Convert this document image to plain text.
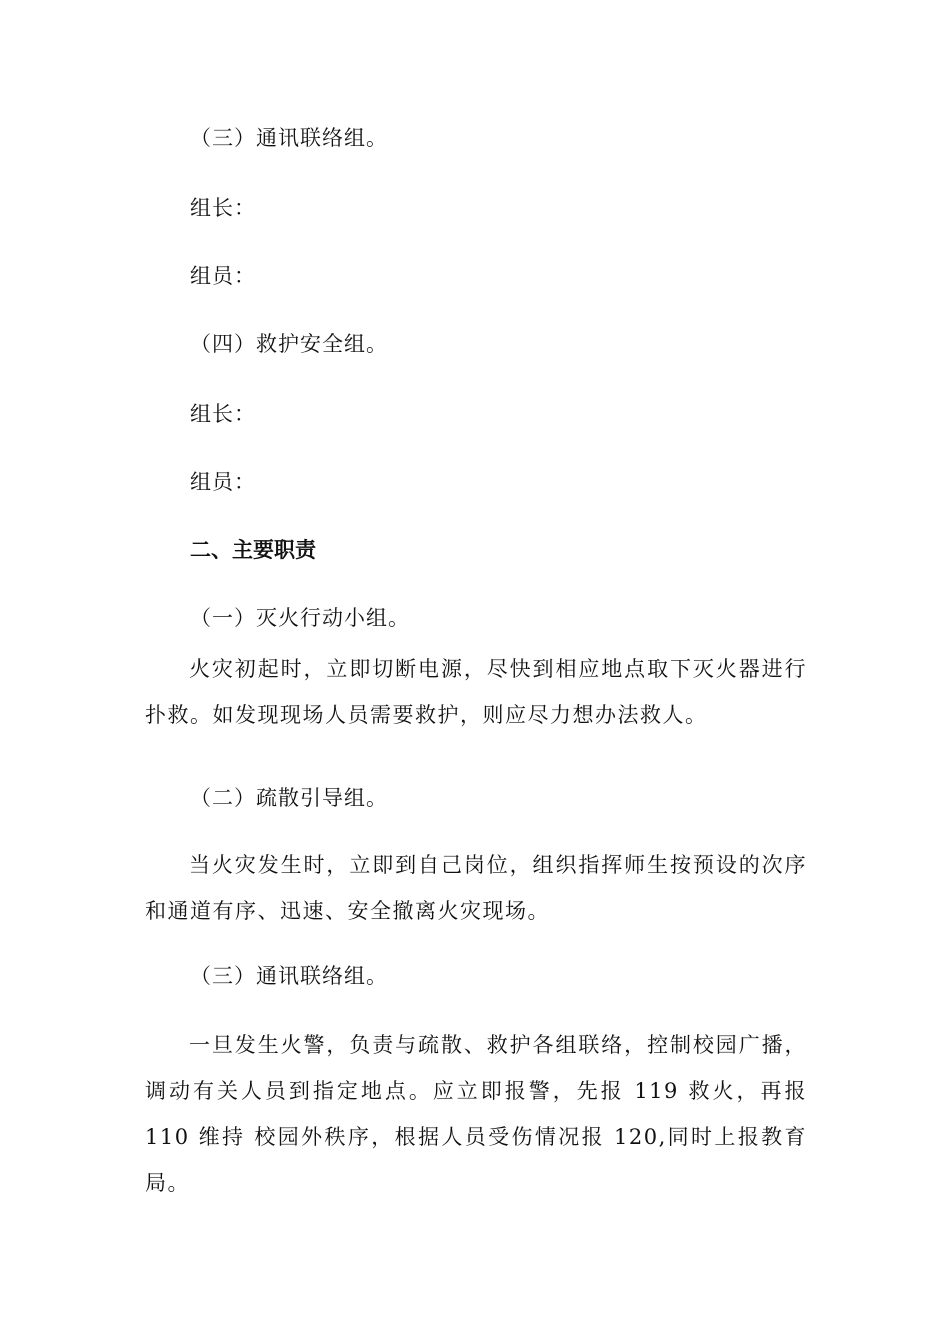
（三）通讯联络组。
组长：
组员：
（四）救护安全组。
组长：
组员：
二、主要职责
（一）灭火行动小组。
火灾初起时，立即切断电源，尽快到相应地点取下灭火器进行扑救。如发现现场人员需要救护，则应尽力想办法救人。
（二）疏散引导组。
当火灾发生时，立即到自己岗位，组织指挥师生按预设的次序和通道有序、迅速、安全撤离火灾现场。
（三）通讯联络组。
一旦发生火警，负责与疏散、救护各组联络，控制校园广播，调动有关人员到指定地点。应立即报警，先报 119 救火，再报 110 维持 校园外秩序，根据人员受伤情况报 120,同时上报教育局。
